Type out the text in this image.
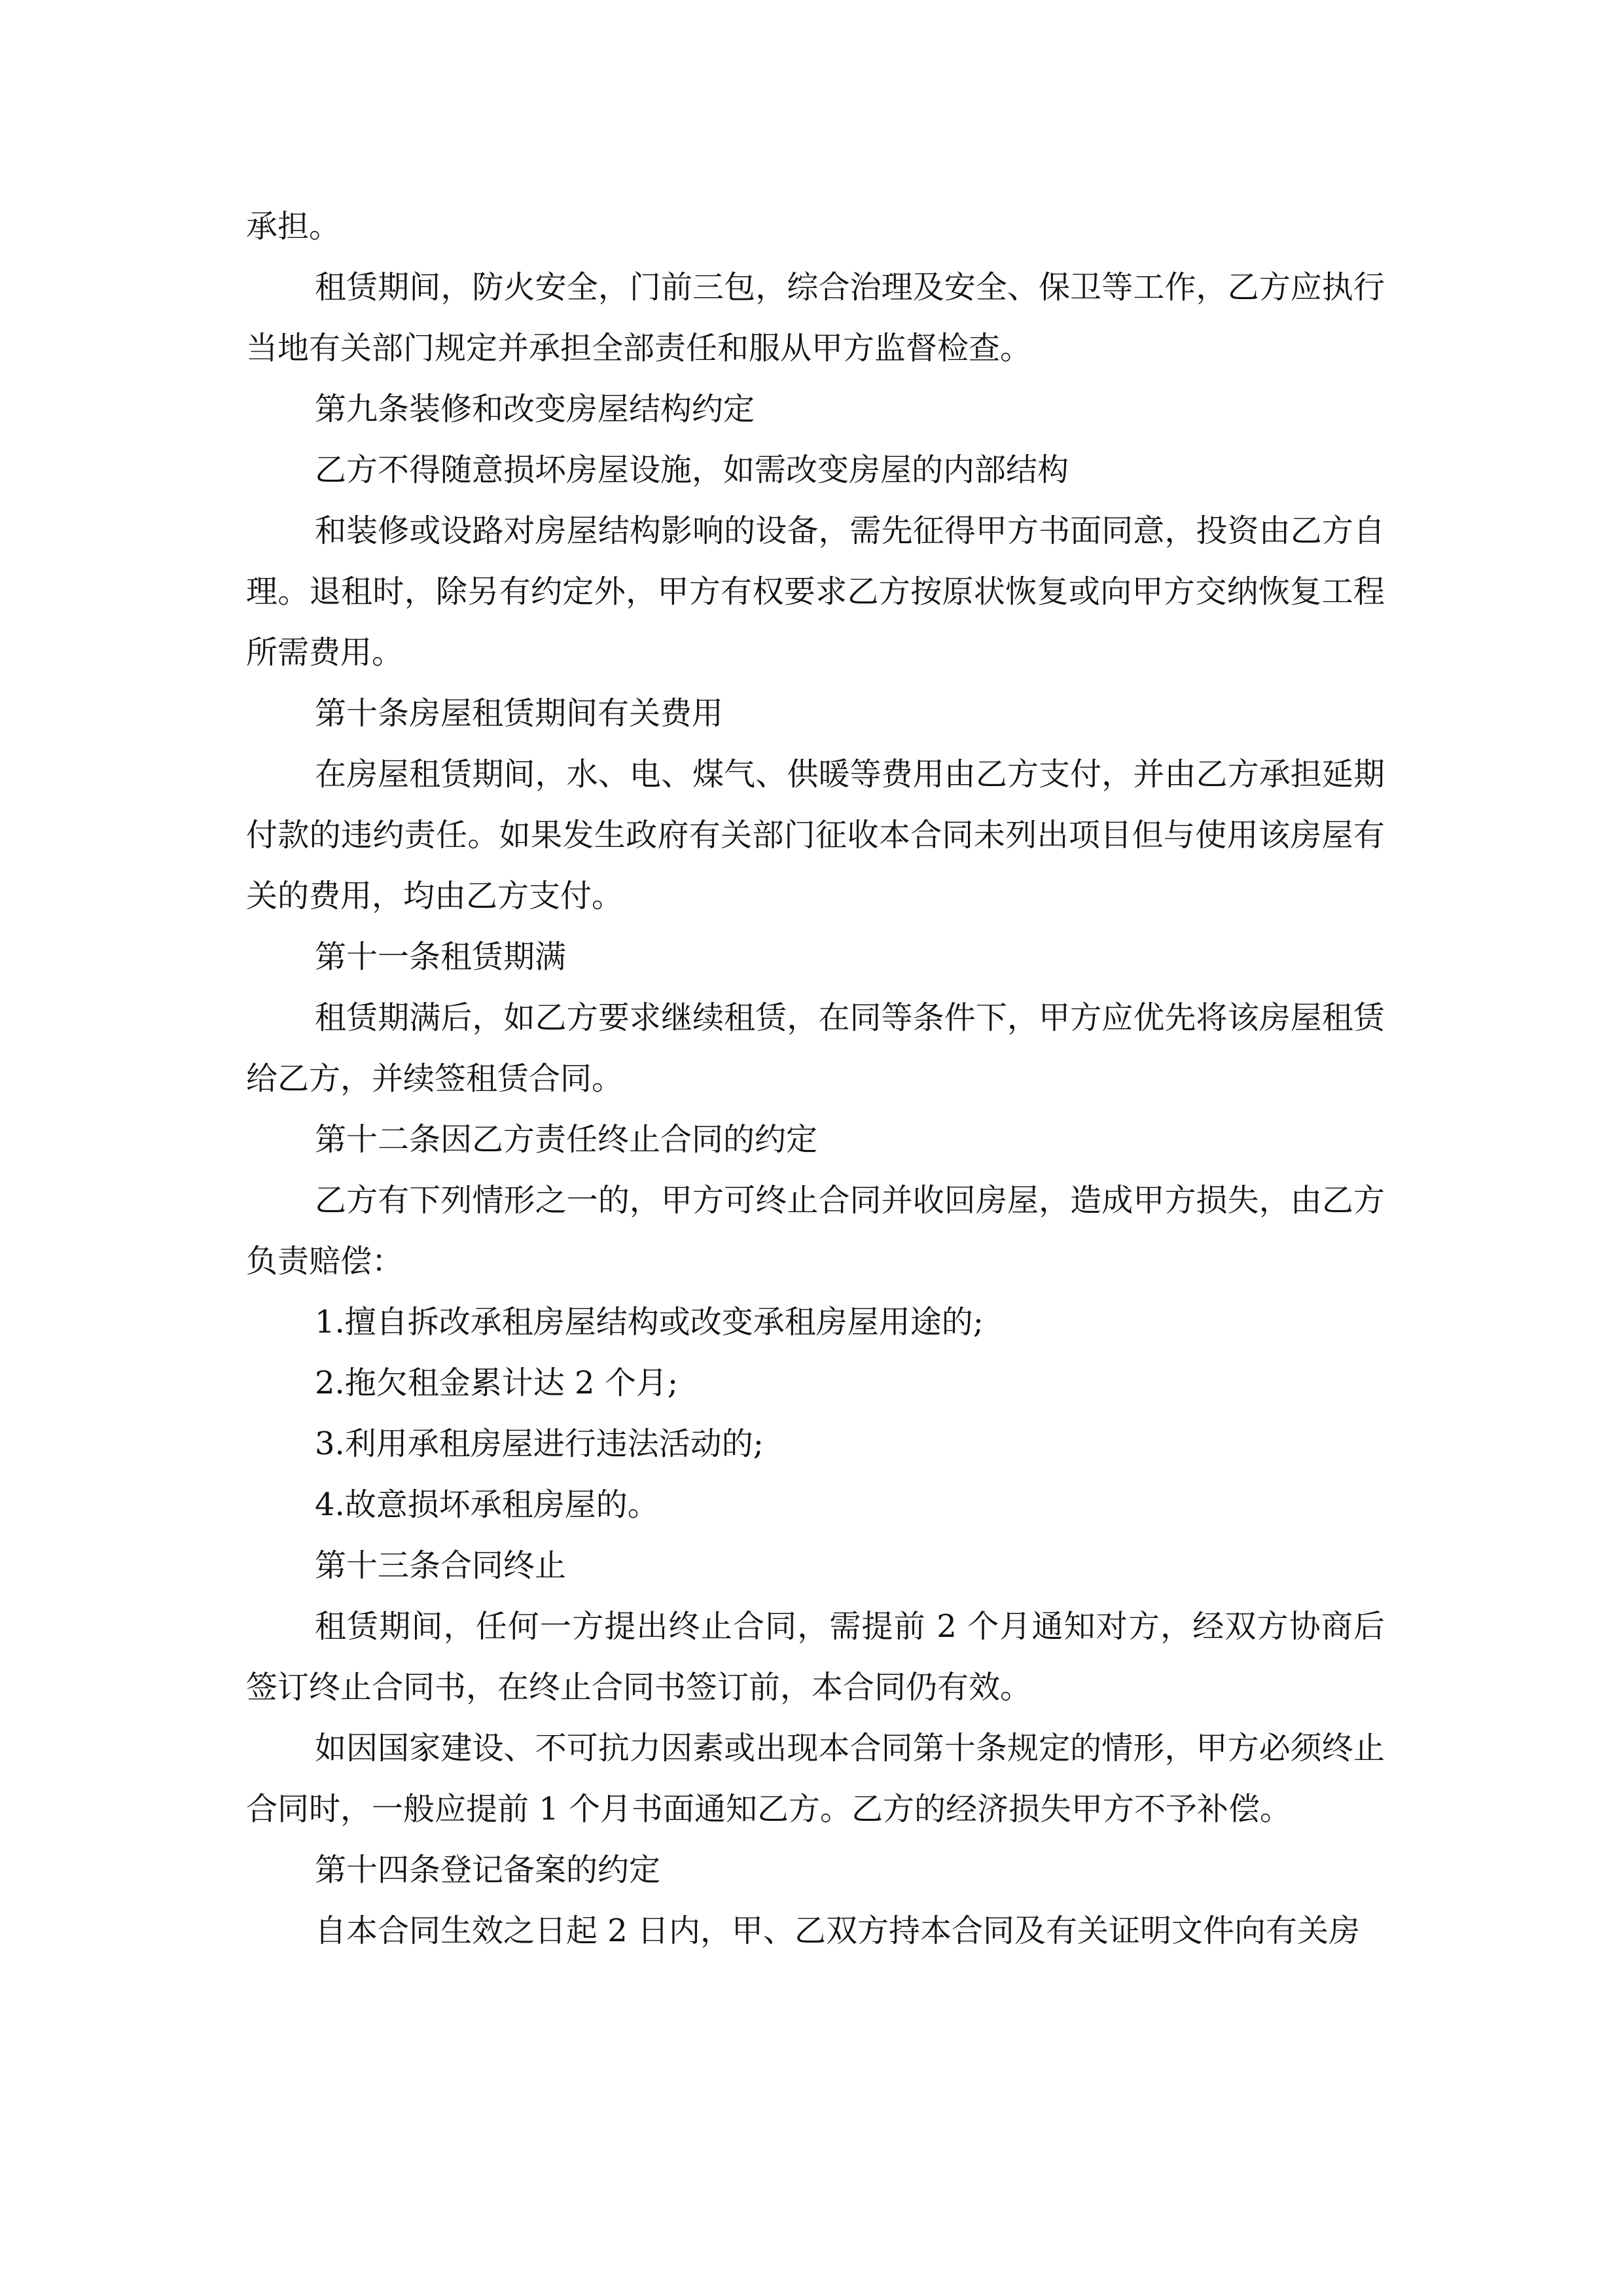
承担。

租赁期间，防火安全，门前三包，综合治理及安全、保卫等工作，乙方应执行当地有关部门规定并承担全部责任和服从甲方监督检查。

第九条装修和改变房屋结构约定

乙方不得随意损坏房屋设施，如需改变房屋的内部结构

和装修或设路对房屋结构影响的设备，需先征得甲方书面同意，投资由乙方自理。退租时，除另有约定外，甲方有权要求乙方按原状恢复或向甲方交纳恢复工程所需费用。

第十条房屋租赁期间有关费用

在房屋租赁期间，水、电、煤气、供暖等费用由乙方支付，并由乙方承担延期付款的违约责任。如果发生政府有关部门征收本合同未列出项目但与使用该房屋有关的费用，均由乙方支付。

第十一条租赁期满

租赁期满后，如乙方要求继续租赁，在同等条件下，甲方应优先将该房屋租赁给乙方，并续签租赁合同。

第十二条因乙方责任终止合同的约定

乙方有下列情形之一的，甲方可终止合同并收回房屋，造成甲方损失，由乙方负责赔偿：

1.擅自拆改承租房屋结构或改变承租房屋用途的;

2.拖欠租金累计达 2 个月;

3.利用承租房屋进行违法活动的;

4.故意损坏承租房屋的。

第十三条合同终止

租赁期间，任何一方提出终止合同，需提前 2 个月通知对方，经双方协商后签订终止合同书，在终止合同书签订前，本合同仍有效。

如因国家建设、不可抗力因素或出现本合同第十条规定的情形，甲方必须终止合同时，一般应提前 1 个月书面通知乙方。乙方的经济损失甲方不予补偿。

第十四条登记备案的约定

自本合同生效之日起 2 日内，甲、乙双方持本合同及有关证明文件向有关房
